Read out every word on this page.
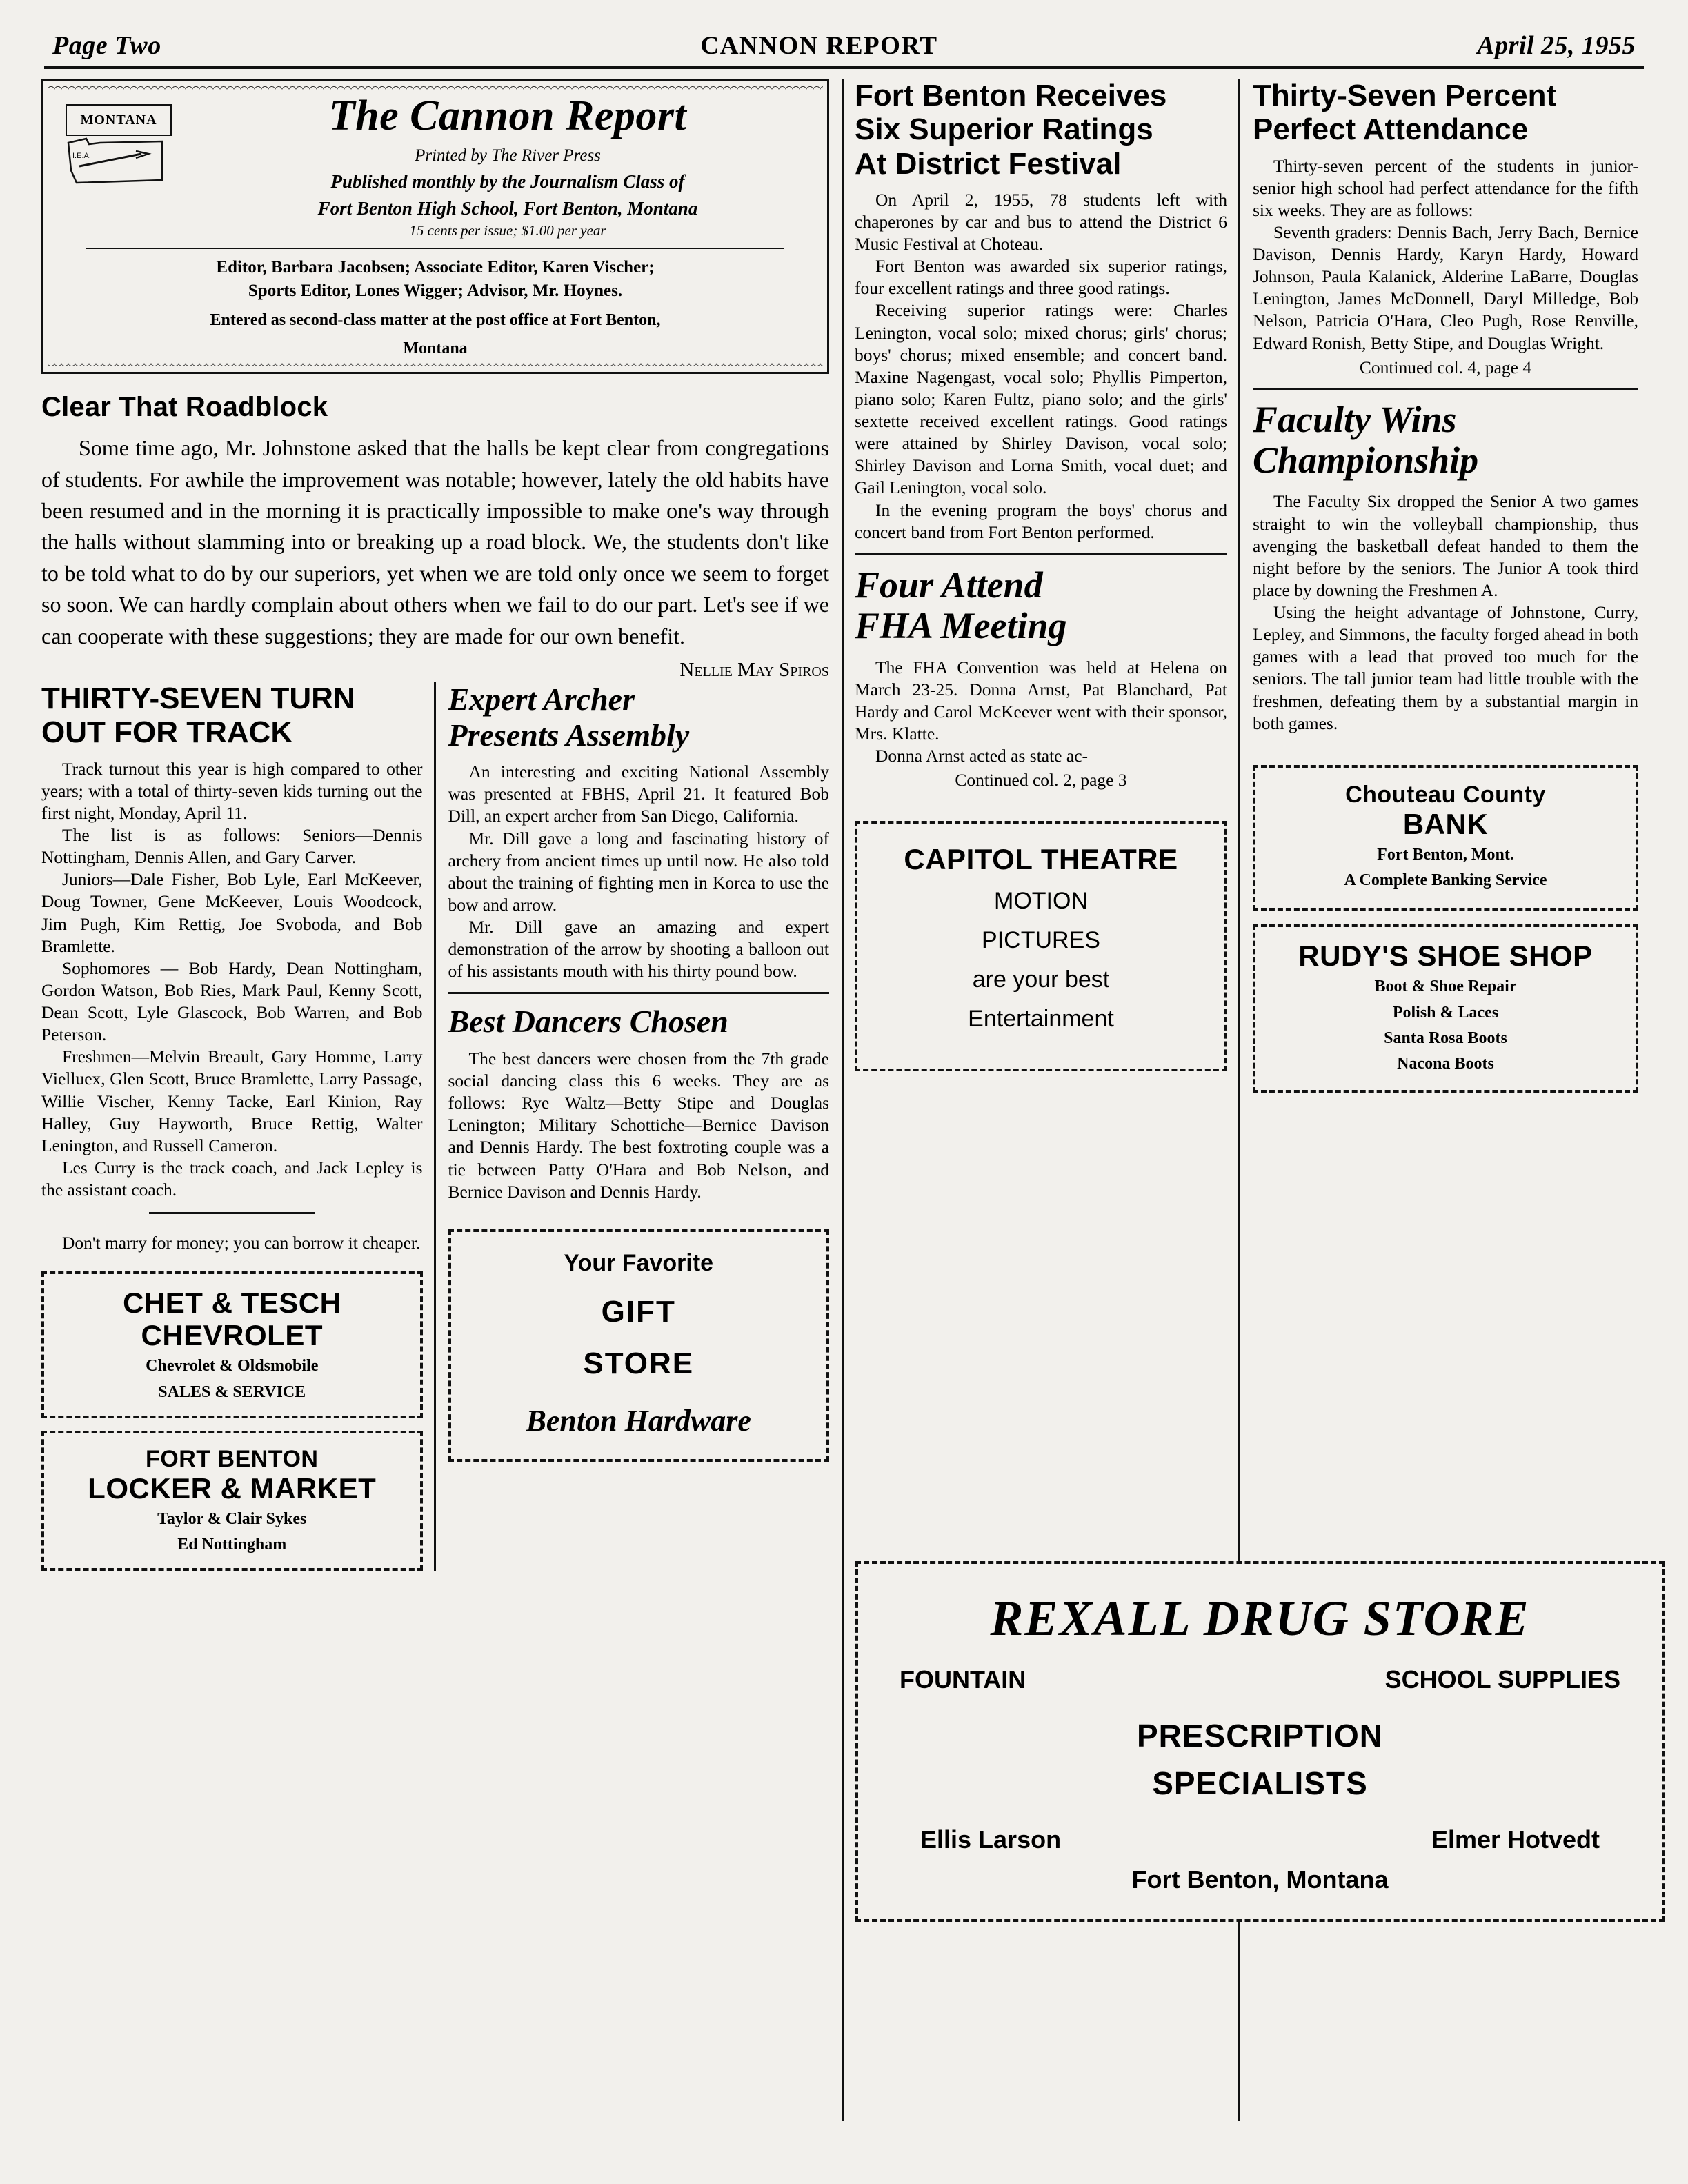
Page Two	CANNON REPORT	April 25, 1955
MONTANA
I.E.A.
The Cannon Report
Printed by The River Press
Published monthly by the Journalism Class of
Fort Benton High School, Fort Benton, Montana
15 cents per issue; $1.00 per year
Editor, Barbara Jacobsen; Associate Editor, Karen Vischer;
Sports Editor, Lones Wigger; Advisor, Mr. Hoynes.
Entered as second-class matter at the post office at Fort Benton,
Montana
Clear That Roadblock

Some time ago, Mr. Johnstone asked that the halls be kept clear from congregations of students. For awhile the improvement was notable; however, lately the old habits have been resumed and in the morning it is practically impossible to make one's way through the halls without slamming into or breaking up a road block. We, the students don't like to be told what to do by our superiors, yet when we are told only once we seem to forget so soon. We can hardly complain about others when we fail to do our part. Let's see if we can cooperate with these suggestions; they are made for our own benefit.

Nellie May Spiros
THIRTY-SEVEN TURN
OUT FOR TRACK

Track turnout this year is high compared to other years; with a total of thirty-seven kids turning out the first night, Monday, April 11.

The list is as follows: Seniors—Dennis Nottingham, Dennis Allen, and Gary Carver.

Juniors—Dale Fisher, Bob Lyle, Earl McKeever, Doug Towner, Gene McKeever, Louis Woodcock, Jim Pugh, Kim Rettig, Joe Svoboda, and Bob Bramlette.

Sophomores — Bob Hardy, Dean Nottingham, Gordon Watson, Bob Ries, Mark Paul, Kenny Scott, Dean Scott, Lyle Glascock, Bob Warren, and Bob Peterson.

Freshmen—Melvin Breault, Gary Homme, Larry Vielluex, Glen Scott, Bruce Bramlette, Larry Passage, Willie Vischer, Kenny Tacke, Earl Kinion, Ray Halley, Guy Hayworth, Bruce Rettig, Walter Lenington, and Russell Cameron.

Les Curry is the track coach, and Jack Lepley is the assistant coach.

Don't marry for money; you can borrow it cheaper.

CHET & TESCH
CHEVROLET
Chevrolet & Oldsmobile
SALES & SERVICE
FORT BENTON
LOCKER & MARKET
Taylor & Clair Sykes
Ed Nottingham
Expert Archer
Presents Assembly

An interesting and exciting National Assembly was presented at FBHS, April 21. It featured Bob Dill, an expert archer from San Diego, California.

Mr. Dill gave a long and fascinating history of archery from ancient times up until now. He also told about the training of fighting men in Korea to use the bow and arrow.

Mr. Dill gave an amazing and expert demonstration of the arrow by shooting a balloon out of his assistants mouth with his thirty pound bow.

Best Dancers Chosen

The best dancers were chosen from the 7th grade social dancing class this 6 weeks. They are as follows: Rye Waltz—Betty Stipe and Douglas Lenington; Military Schottiche—Bernice Davison and Dennis Hardy. The best foxtroting couple was a tie between Patty O'Hara and Bob Nelson, and Bernice Davison and Dennis Hardy.

Your Favorite
GIFT
STORE
Benton Hardware
Fort Benton Receives
Six Superior Ratings
At District Festival

On April 2, 1955, 78 students left with chaperones by car and bus to attend the District 6 Music Festival at Choteau.

Fort Benton was awarded six superior ratings, four excellent ratings and three good ratings.

Receiving superior ratings were: Charles Lenington, vocal solo; mixed chorus; girls' chorus; boys' chorus; mixed ensemble; and concert band. Maxine Nagengast, vocal solo; Phyllis Pimperton, piano solo; Karen Fultz, piano solo; and the girls' sextette received excellent ratings. Good ratings were attained by Shirley Davison, vocal solo; Shirley Davison and Lorna Smith, vocal duet; and Gail Lenington, vocal solo.

In the evening program the boys' chorus and concert band from Fort Benton performed.

Four Attend
FHA Meeting

The FHA Convention was held at Helena on March 23-25. Donna Arnst, Pat Blanchard, Pat Hardy and Carol McKeever went with their sponsor, Mrs. Klatte.

Donna Arnst acted as state ac-

Continued col. 2, page 3

CAPITOL THEATRE
MOTION
PICTURES
are your best
Entertainment
Thirty-Seven Percent
Perfect Attendance

Thirty-seven percent of the students in junior-senior high school had perfect attendance for the fifth six weeks. They are as follows:

Seventh graders: Dennis Bach, Jerry Bach, Bernice Davison, Dennis Hardy, Karyn Hardy, Howard Johnson, Paula Kalanick, Alderine LaBarre, Douglas Lenington, James McDonnell, Daryl Milledge, Bob Nelson, Patricia O'Hara, Cleo Pugh, Rose Renville, Edward Ronish, Betty Stipe, and Douglas Wright.

Continued col. 4, page 4

Faculty Wins
Championship

The Faculty Six dropped the Senior A two games straight to win the volleyball championship, thus avenging the basketball defeat handed to them the night before by the seniors. The Junior A took third place by downing the Freshmen A.

Using the height advantage of Johnstone, Curry, Lepley, and Simmons, the faculty forged ahead in both games with a lead that proved too much for the seniors. The tall junior team had little trouble with the freshmen, defeating them by a substantial margin in both games.

Chouteau County
BANK
Fort Benton, Mont.
A Complete Banking Service
RUDY'S SHOE SHOP
Boot & Shoe Repair
Polish & Laces
Santa Rosa Boots
Nacona Boots
REXALL DRUG STORE
FOUNTAIN	SCHOOL SUPPLIES
PRESCRIPTION
SPECIALISTS
Ellis Larson	Elmer Hotvedt
Fort Benton, Montana
